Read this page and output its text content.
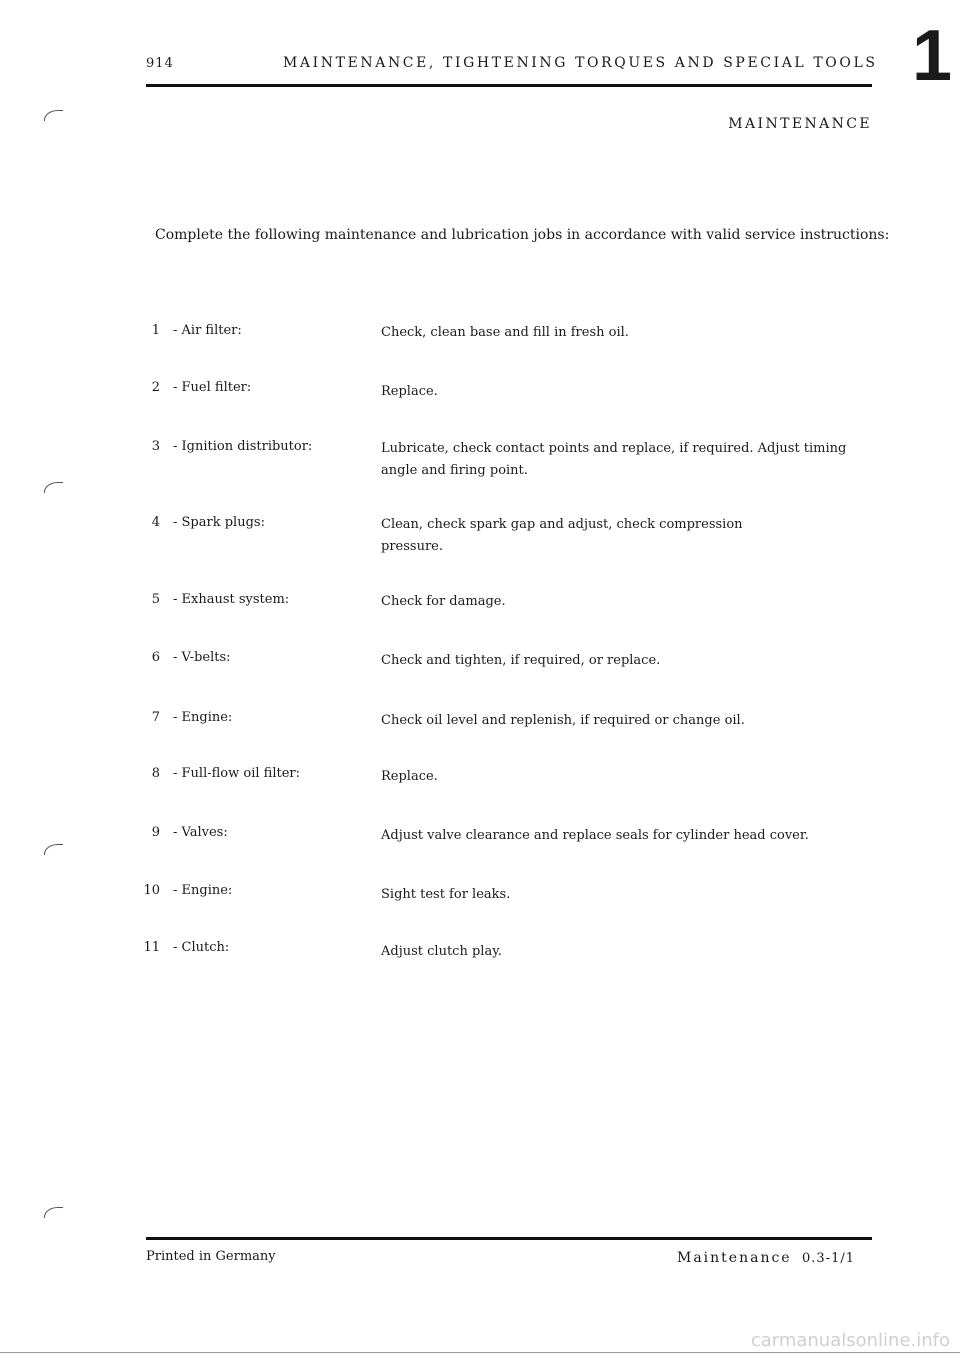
914	MAINTENANCE, TIGHTENING TORQUES AND SPECIAL TOOLS 1
MAINTENANCE
Complete the following maintenance and lubrication jobs in accordance with valid service instructions:
1 - Air filter:	Check, clean base and fill in fresh oil.
2 - Fuel filter:	Replace.
3 - Ignition distributor:	Lubricate, check contact points and replace, if required. Adjust timing angle and firing point.
4 - Spark plugs:	Clean, check spark gap and adjust, check compression pressure.
5 - Exhaust system:	Check for damage.
6 - V-belts:	Check and tighten, if required, or replace.
7 - Engine:	Check oil level and replenish, if required or change oil.
8 - Full-flow oil filter:	Replace.
9 - Valves:	Adjust valve clearance and replace seals for cylinder head cover.
10 - Engine:	Sight test for leaks.
11 - Clutch:	Adjust clutch play.
Printed in Germany	Maintenance 0.3-1/1
carmanualsonline.info
